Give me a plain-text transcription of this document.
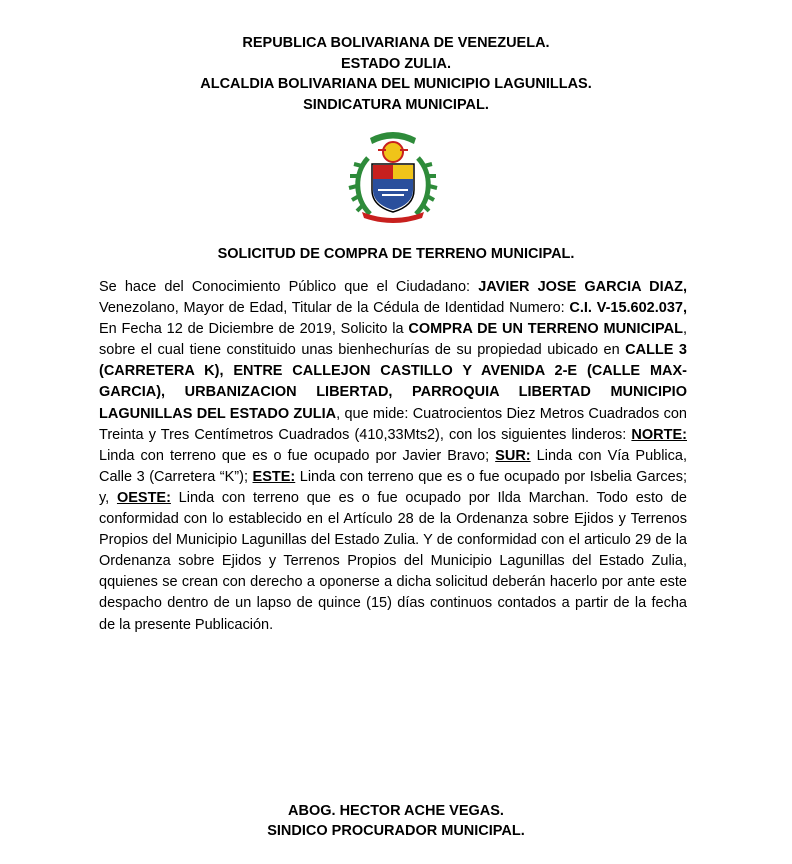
REPUBLICA BOLIVARIANA DE VENEZUELA.
ESTADO ZULIA.
ALCALDIA BOLIVARIANA DEL MUNICIPIO LAGUNILLAS.
SINDICATURA MUNICIPAL.
SOLICITUD DE COMPRA DE TERRENO MUNICIPAL.
Se hace del Conocimiento Público que el Ciudadano: JAVIER JOSE GARCIA DIAZ, Venezolano, Mayor de Edad, Titular de la Cédula de Identidad Numero: C.I. V-15.602.037, En Fecha 12 de Diciembre de 2019, Solicito la COMPRA DE UN TERRENO MUNICIPAL, sobre el cual tiene constituido unas bienhechurías de su propiedad ubicado en CALLE 3 (CARRETERA K), ENTRE CALLEJON CASTILLO Y AVENIDA 2-E (CALLE MAX-GARCIA), URBANIZACION LIBERTAD, PARROQUIA LIBERTAD MUNICIPIO LAGUNILLAS DEL ESTADO ZULIA, que mide: Cuatrocientos Diez Metros Cuadrados con Treinta y Tres Centímetros Cuadrados (410,33Mts2), con los siguientes linderos: NORTE: Linda con terreno que es o fue ocupado por Javier Bravo; SUR: Linda con Vía Publica, Calle 3 (Carretera “K”); ESTE: Linda con terreno que es o fue ocupado por Isbelia Garces; y, OESTE: Linda con terreno que es o fue ocupado por Ilda Marchan. Todo esto de conformidad con lo establecido en el Artículo 28 de la Ordenanza sobre Ejidos y Terrenos Propios del Municipio Lagunillas del Estado Zulia. Y de conformidad con el articulo 29 de la Ordenanza sobre Ejidos y Terrenos Propios del Municipio Lagunillas del Estado Zulia, qquienes se crean con derecho a oponerse a dicha solicitud deberán hacerlo por ante este despacho dentro de un lapso de quince (15) días continuos contados a partir de la fecha de la presente Publicación.
ABOG. HECTOR ACHE VEGAS.
SINDICO PROCURADOR MUNICIPAL.
